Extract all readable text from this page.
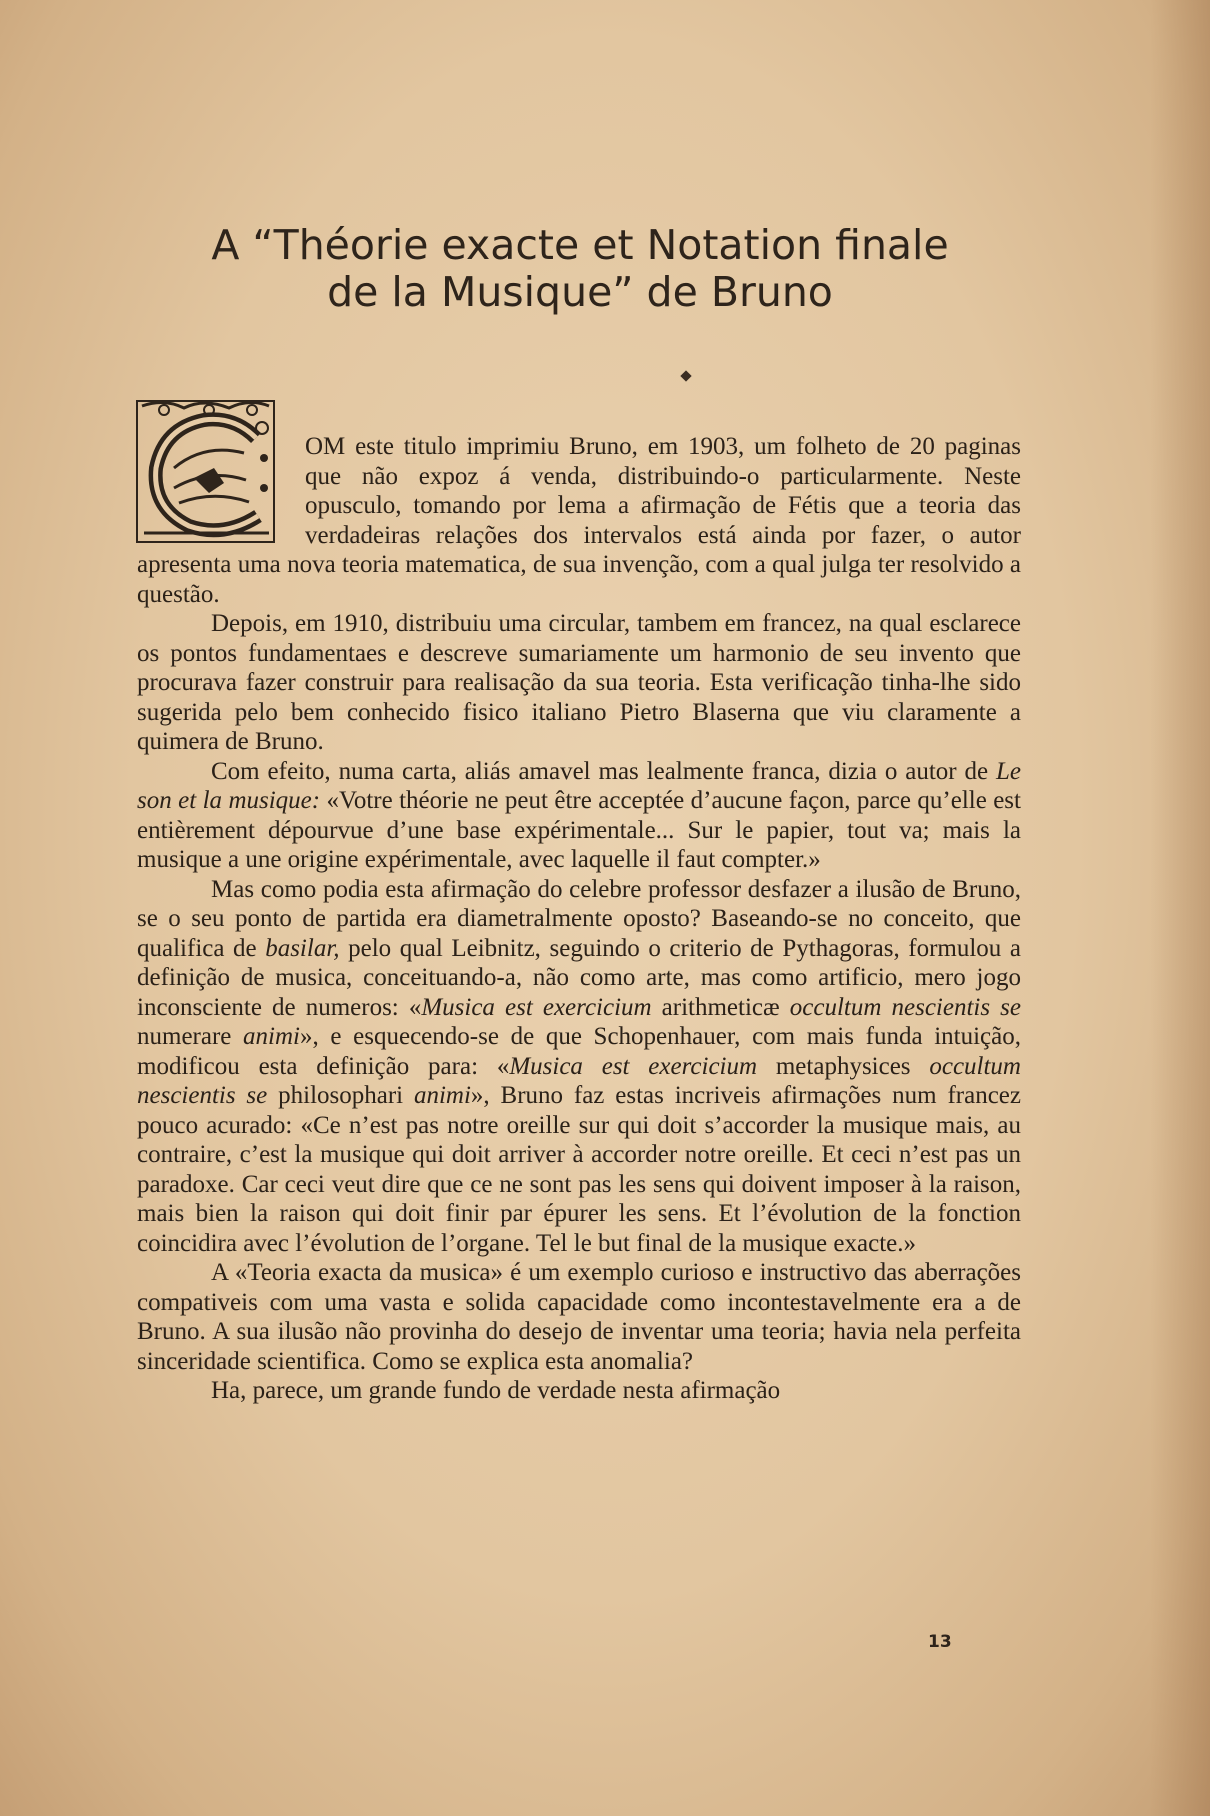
A “Théorie exacte et Notation finale
de la Musique” de Bruno

OM este titulo imprimiu Bruno, em 1903, um folheto de 20 paginas que não expoz á venda, distribuindo-o particularmente. Neste opusculo, tomando por lema a afirmação de Fétis que a teoria das verdadeiras relações dos intervalos está ainda por fazer, o autor apresenta uma nova teoria matematica, de sua invenção, com a qual julga ter resolvido a questão.

Depois, em 1910, distribuiu uma circular, tambem em francez, na qual esclarece os pontos fundamentaes e descreve sumariamente um harmonio de seu invento que procurava fazer construir para realisação da sua teoria. Esta verificação tinha-lhe sido sugerida pelo bem conhecido fisico italiano Pietro Blaserna que viu claramente a quimera de Bruno.

Com efeito, numa carta, aliás amavel mas lealmente franca, dizia o autor de Le son et la musique: «Votre théorie ne peut être acceptée d’aucune façon, parce qu’elle est entièrement dépourvue d’une base expérimentale... Sur le papier, tout va; mais la musique a une origine expérimentale, avec laquelle il faut compter.»

Mas como podia esta afirmação do celebre professor desfazer a ilusão de Bruno, se o seu ponto de partida era diametralmente oposto? Baseando-se no conceito, que qualifica de basilar, pelo qual Leibnitz, seguindo o criterio de Pythagoras, formulou a definição de musica, conceituando-a, não como arte, mas como artificio, mero jogo inconsciente de numeros: «Musica est exercicium arithmeticæ occultum nescientis se numerare animi», e esquecendo-se de que Schopenhauer, com mais funda intuição, modificou esta definição para: «Musica est exercicium metaphysices occultum nescientis se philosophari animi», Bruno faz estas incriveis afirmações num francez pouco acurado: «Ce n’est pas notre oreille sur qui doit s’accorder la musique mais, au contraire, c’est la musique qui doit arriver à accorder notre oreille. Et ceci n’est pas un paradoxe. Car ceci veut dire que ce ne sont pas les sens qui doivent imposer à la raison, mais bien la raison qui doit finir par épurer les sens. Et l’évolution de la fonction coincidira avec l’évolution de l’organe. Tel le but final de la musique exacte.»

A «Teoria exacta da musica» é um exemplo curioso e instructivo das aberrações compativeis com uma vasta e solida capacidade como incontestavelmente era a de Bruno. A sua ilusão não provinha do desejo de inventar uma teoria; havia nela perfeita sinceridade scientifica. Como se explica esta anomalia?

Ha, parece, um grande fundo de verdade nesta afirmação

13
